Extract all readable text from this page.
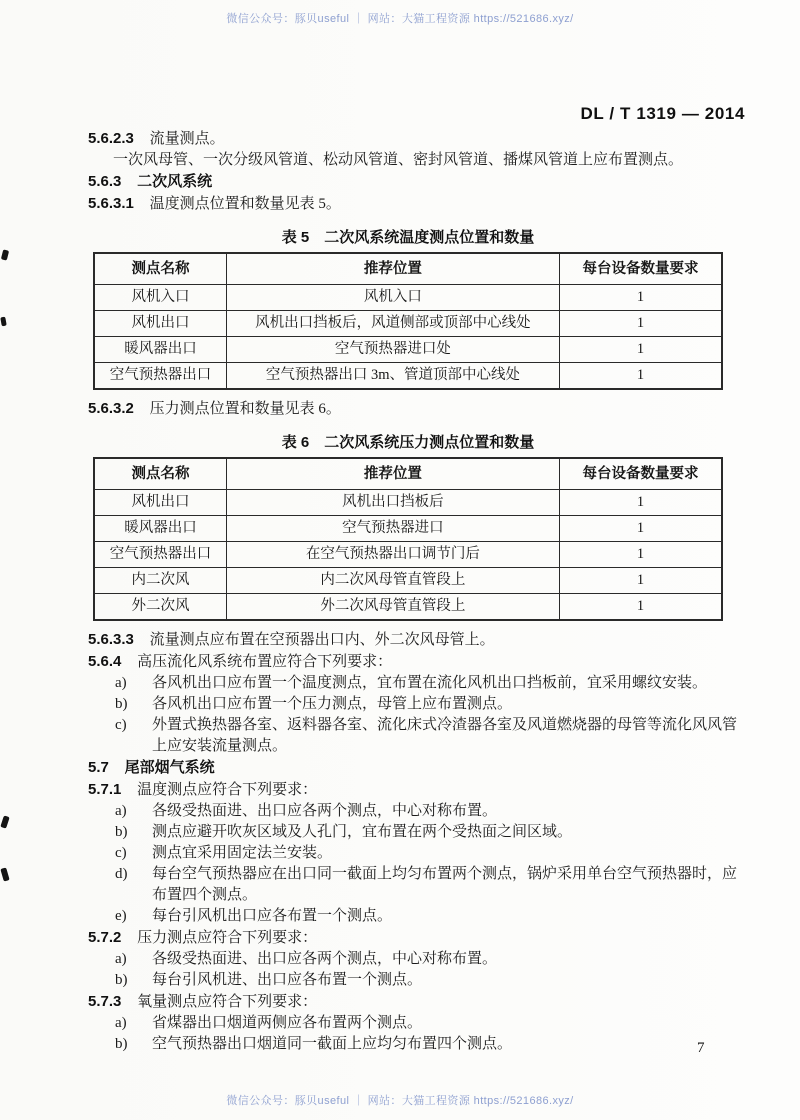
微信公众号：豚贝useful ｜ 网站：大猫工程资源 https://521686.xyz/
DL / T 1319 — 2014

5.6.2.3 流量测点。

一次风母管、一次分级风管道、松动风管道、密封风管道、播煤风管道上应布置测点。

5.6.3 二次风系统

5.6.3.1 温度测点位置和数量见表 5。

表 5　二次风系统温度测点位置和数量
测点名称	推荐位置	每台设备数量要求
风机入口	风机入口	1
风机出口	风机出口挡板后，风道侧部或顶部中心线处	1
暖风器出口	空气预热器进口处	1
空气预热器出口	空气预热器出口 3m、管道顶部中心线处	1

5.6.3.2 压力测点位置和数量见表 6。

表 6　二次风系统压力测点位置和数量
测点名称	推荐位置	每台设备数量要求
风机出口	风机出口挡板后	1
暖风器出口	空气预热器进口	1
空气预热器出口	在空气预热器出口调节门后	1
内二次风	内二次风母管直管段上	1
外二次风	外二次风母管直管段上	1

5.6.3.3 流量测点应布置在空预器出口内、外二次风母管上。

5.6.4 高压流化风系统布置应符合下列要求：

a) 各风机出口应布置一个温度测点，宜布置在流化风机出口挡板前，宜采用螺纹安装。

b) 各风机出口应布置一个压力测点，母管上应布置测点。

c) 外置式换热器各室、返料器各室、流化床式冷渣器各室及风道燃烧器的母管等流化风风管上应安装流量测点。

5.7 尾部烟气系统

5.7.1 温度测点应符合下列要求：

a) 各级受热面进、出口应各两个测点，中心对称布置。

b) 测点应避开吹灰区域及人孔门，宜布置在两个受热面之间区域。

c) 测点宜采用固定法兰安装。

d) 每台空气预热器应在出口同一截面上均匀布置两个测点，锅炉采用单台空气预热器时，应布置四个测点。

e) 每台引风机出口应各布置一个测点。

5.7.2 压力测点应符合下列要求：

a) 各级受热面进、出口应各两个测点，中心对称布置。

b) 每台引风机进、出口应各布置一个测点。

5.7.3 氧量测点应符合下列要求：

a) 省煤器出口烟道两侧应各布置两个测点。

b) 空气预热器出口烟道同一截面上应均匀布置四个测点。	7
微信公众号：豚贝useful ｜ 网站：大猫工程资源 https://521686.xyz/
